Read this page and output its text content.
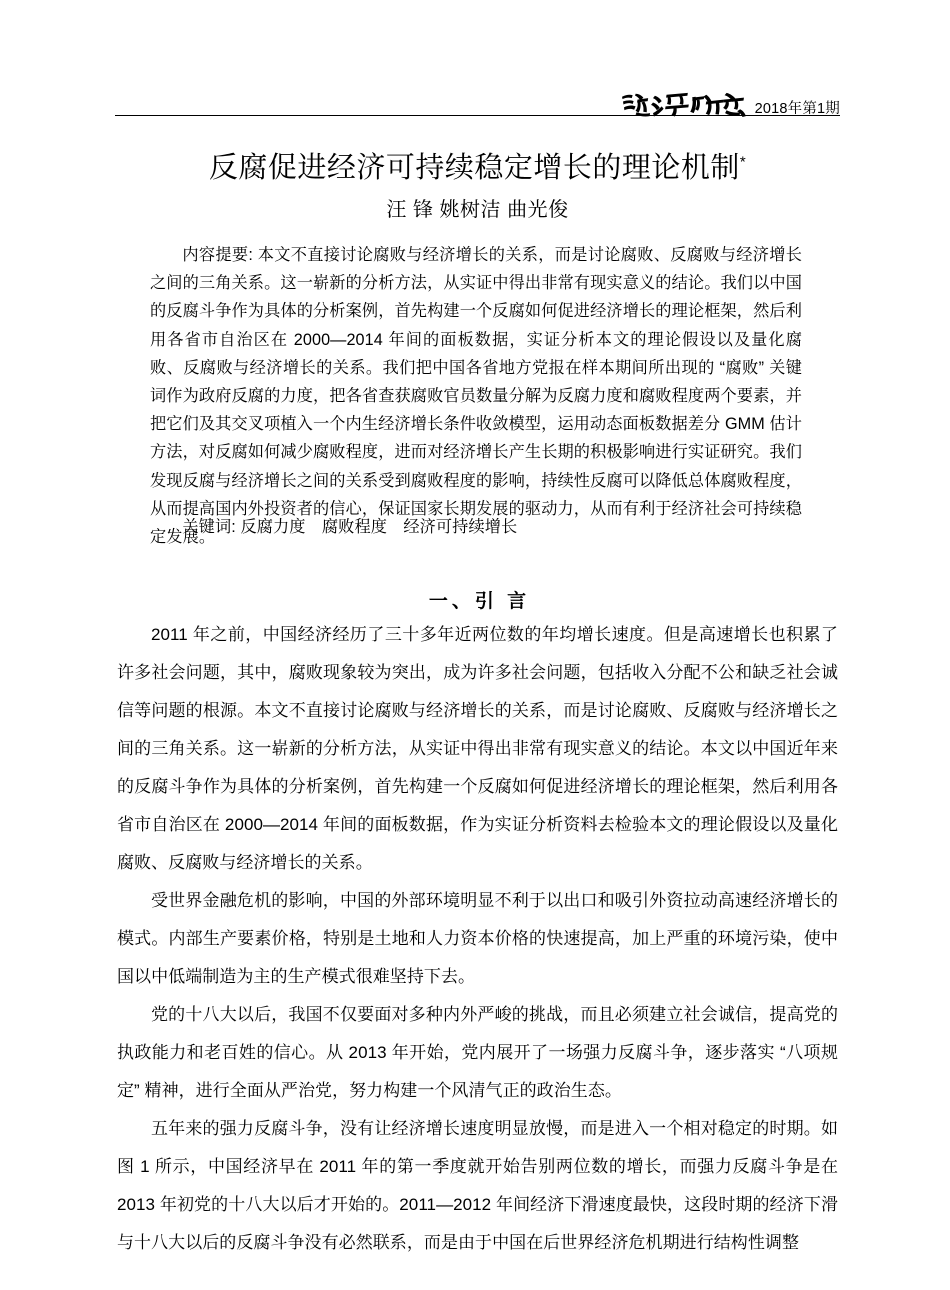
2018年第1期
反腐促进经济可持续稳定增长的理论机制*
汪 锋 姚树洁 曲光俊

内容提要: 本文不直接讨论腐败与经济增长的关系，而是讨论腐败、反腐败与经济增长之间的三角关系。这一崭新的分析方法，从实证中得出非常有现实意义的结论。我们以中国的反腐斗争作为具体的分析案例，首先构建一个反腐如何促进经济增长的理论框架，然后利用各省市自治区在 2000—2014 年间的面板数据，实证分析本文的理论假设以及量化腐败、反腐败与经济增长的关系。我们把中国各省地方党报在样本期间所出现的 “腐败” 关键词作为政府反腐的力度，把各省查获腐败官员数量分解为反腐力度和腐败程度两个要素，并把它们及其交叉项植入一个内生经济增长条件收敛模型，运用动态面板数据差分 GMM 估计方法，对反腐如何减少腐败程度，进而对经济增长产生长期的积极影响进行实证研究。我们发现反腐与经济增长之间的关系受到腐败程度的影响，持续性反腐可以降低总体腐败程度，从而提高国内外投资者的信心，保证国家长期发展的驱动力，从而有利于经济社会可持续稳定发展。

关键词: 反腐力度　腐败程度　经济可持续增长
一、引 言

2011 年之前，中国经济经历了三十多年近两位数的年均增长速度。但是高速增长也积累了许多社会问题，其中，腐败现象较为突出，成为许多社会问题，包括收入分配不公和缺乏社会诚信等问题的根源。本文不直接讨论腐败与经济增长的关系，而是讨论腐败、反腐败与经济增长之间的三角关系。这一崭新的分析方法，从实证中得出非常有现实意义的结论。本文以中国近年来的反腐斗争作为具体的分析案例，首先构建一个反腐如何促进经济增长的理论框架，然后利用各省市自治区在 2000—2014 年间的面板数据，作为实证分析资料去检验本文的理论假设以及量化腐败、反腐败与经济增长的关系。

受世界金融危机的影响，中国的外部环境明显不利于以出口和吸引外资拉动高速经济增长的模式。内部生产要素价格，特别是土地和人力资本价格的快速提高，加上严重的环境污染，使中国以中低端制造为主的生产模式很难坚持下去。

党的十八大以后，我国不仅要面对多种内外严峻的挑战，而且必须建立社会诚信，提高党的执政能力和老百姓的信心。从 2013 年开始，党内展开了一场强力反腐斗争，逐步落实 “八项规定” 精神，进行全面从严治党，努力构建一个风清气正的政治生态。

五年来的强力反腐斗争，没有让经济增长速度明显放慢，而是进入一个相对稳定的时期。如图 1 所示，中国经济早在 2011 年的第一季度就开始告别两位数的增长，而强力反腐斗争是在 2013 年初党的十八大以后才开始的。2011—2012 年间经济下滑速度最快，这段时期的经济下滑与十八大以后的反腐斗争没有必然联系，而是由于中国在后世界经济危机期进行结构性调整
